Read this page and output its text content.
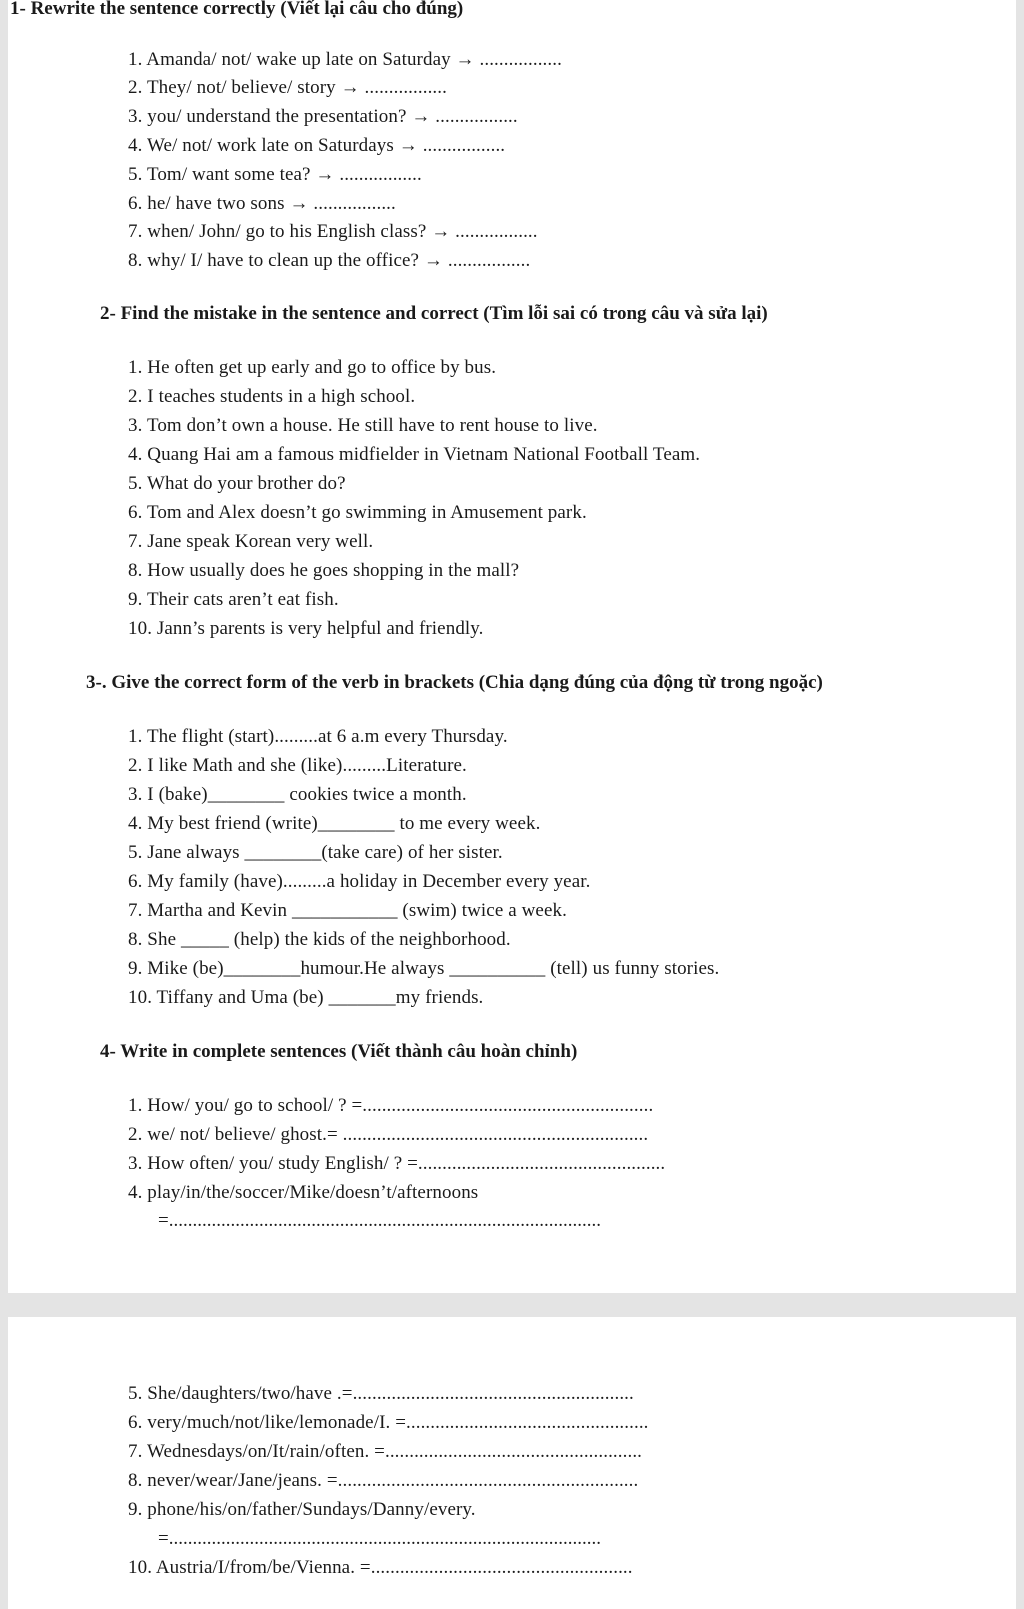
1- Rewrite the sentence correctly (Viết lại câu cho đúng)
1. Amanda/ not/ wake up late on Saturday → .................
2. They/ not/ believe/ story → .................
3. you/ understand the presentation? → .................
4. We/ not/ work late on Saturdays → .................
5. Tom/ want some tea? → .................
6. he/ have two sons → .................
7. when/ John/ go to his English class? → .................
8. why/ I/ have to clean up the office? → .................
2- Find the mistake in the sentence and correct (Tìm lỗi sai có trong câu và sửa lại)
1. He often get up early and go to office by bus.
2. I teaches students in a high school.
3. Tom don’t own a house. He still have to rent house to live.
4. Quang Hai am a famous midfielder in Vietnam National Football Team.
5. What do your brother do?
6. Tom and Alex doesn’t go swimming in Amusement park.
7. Jane speak Korean very well.
8. How usually does he goes shopping in the mall?
9. Their cats aren’t eat fish.
10. Jann’s parents is very helpful and friendly.
3-. Give the correct form of the verb in brackets (Chia dạng đúng của động từ trong ngoặc)
1. The flight (start).........at 6 a.m every Thursday.
2. I like Math and she (like).........Literature.
3. I (bake)________ cookies twice a month.
4. My best friend (write)________ to me every week.
5. Jane always ________(take care) of her sister.
6. My family (have).........a holiday in December every year.
7. Martha and Kevin ___________ (swim) twice a week.
8. She _____ (help) the kids of the neighborhood.
9. Mike (be)________humour.He always __________ (tell) us funny stories.
10. Tiffany and Uma (be) _______my friends.
4- Write in complete sentences (Viết thành câu hoàn chỉnh)
1. How/ you/ go to school/ ? =............................................................
2. we/ not/ believe/ ghost.= ...............................................................
3. How often/ you/ study English/ ? =...................................................
4. play/in/the/soccer/Mike/doesn’t/afternoons
=...........................................................................................
5. She/daughters/two/have .=..........................................................
6. very/much/not/like/lemonade/I. =..................................................
7. Wednesdays/on/It/rain/often. =.....................................................
8. never/wear/Jane/jeans. =..............................................................
9. phone/his/on/father/Sundays/Danny/every.
=...........................................................................................
10. Austria/I/from/be/Vienna. =......................................................
